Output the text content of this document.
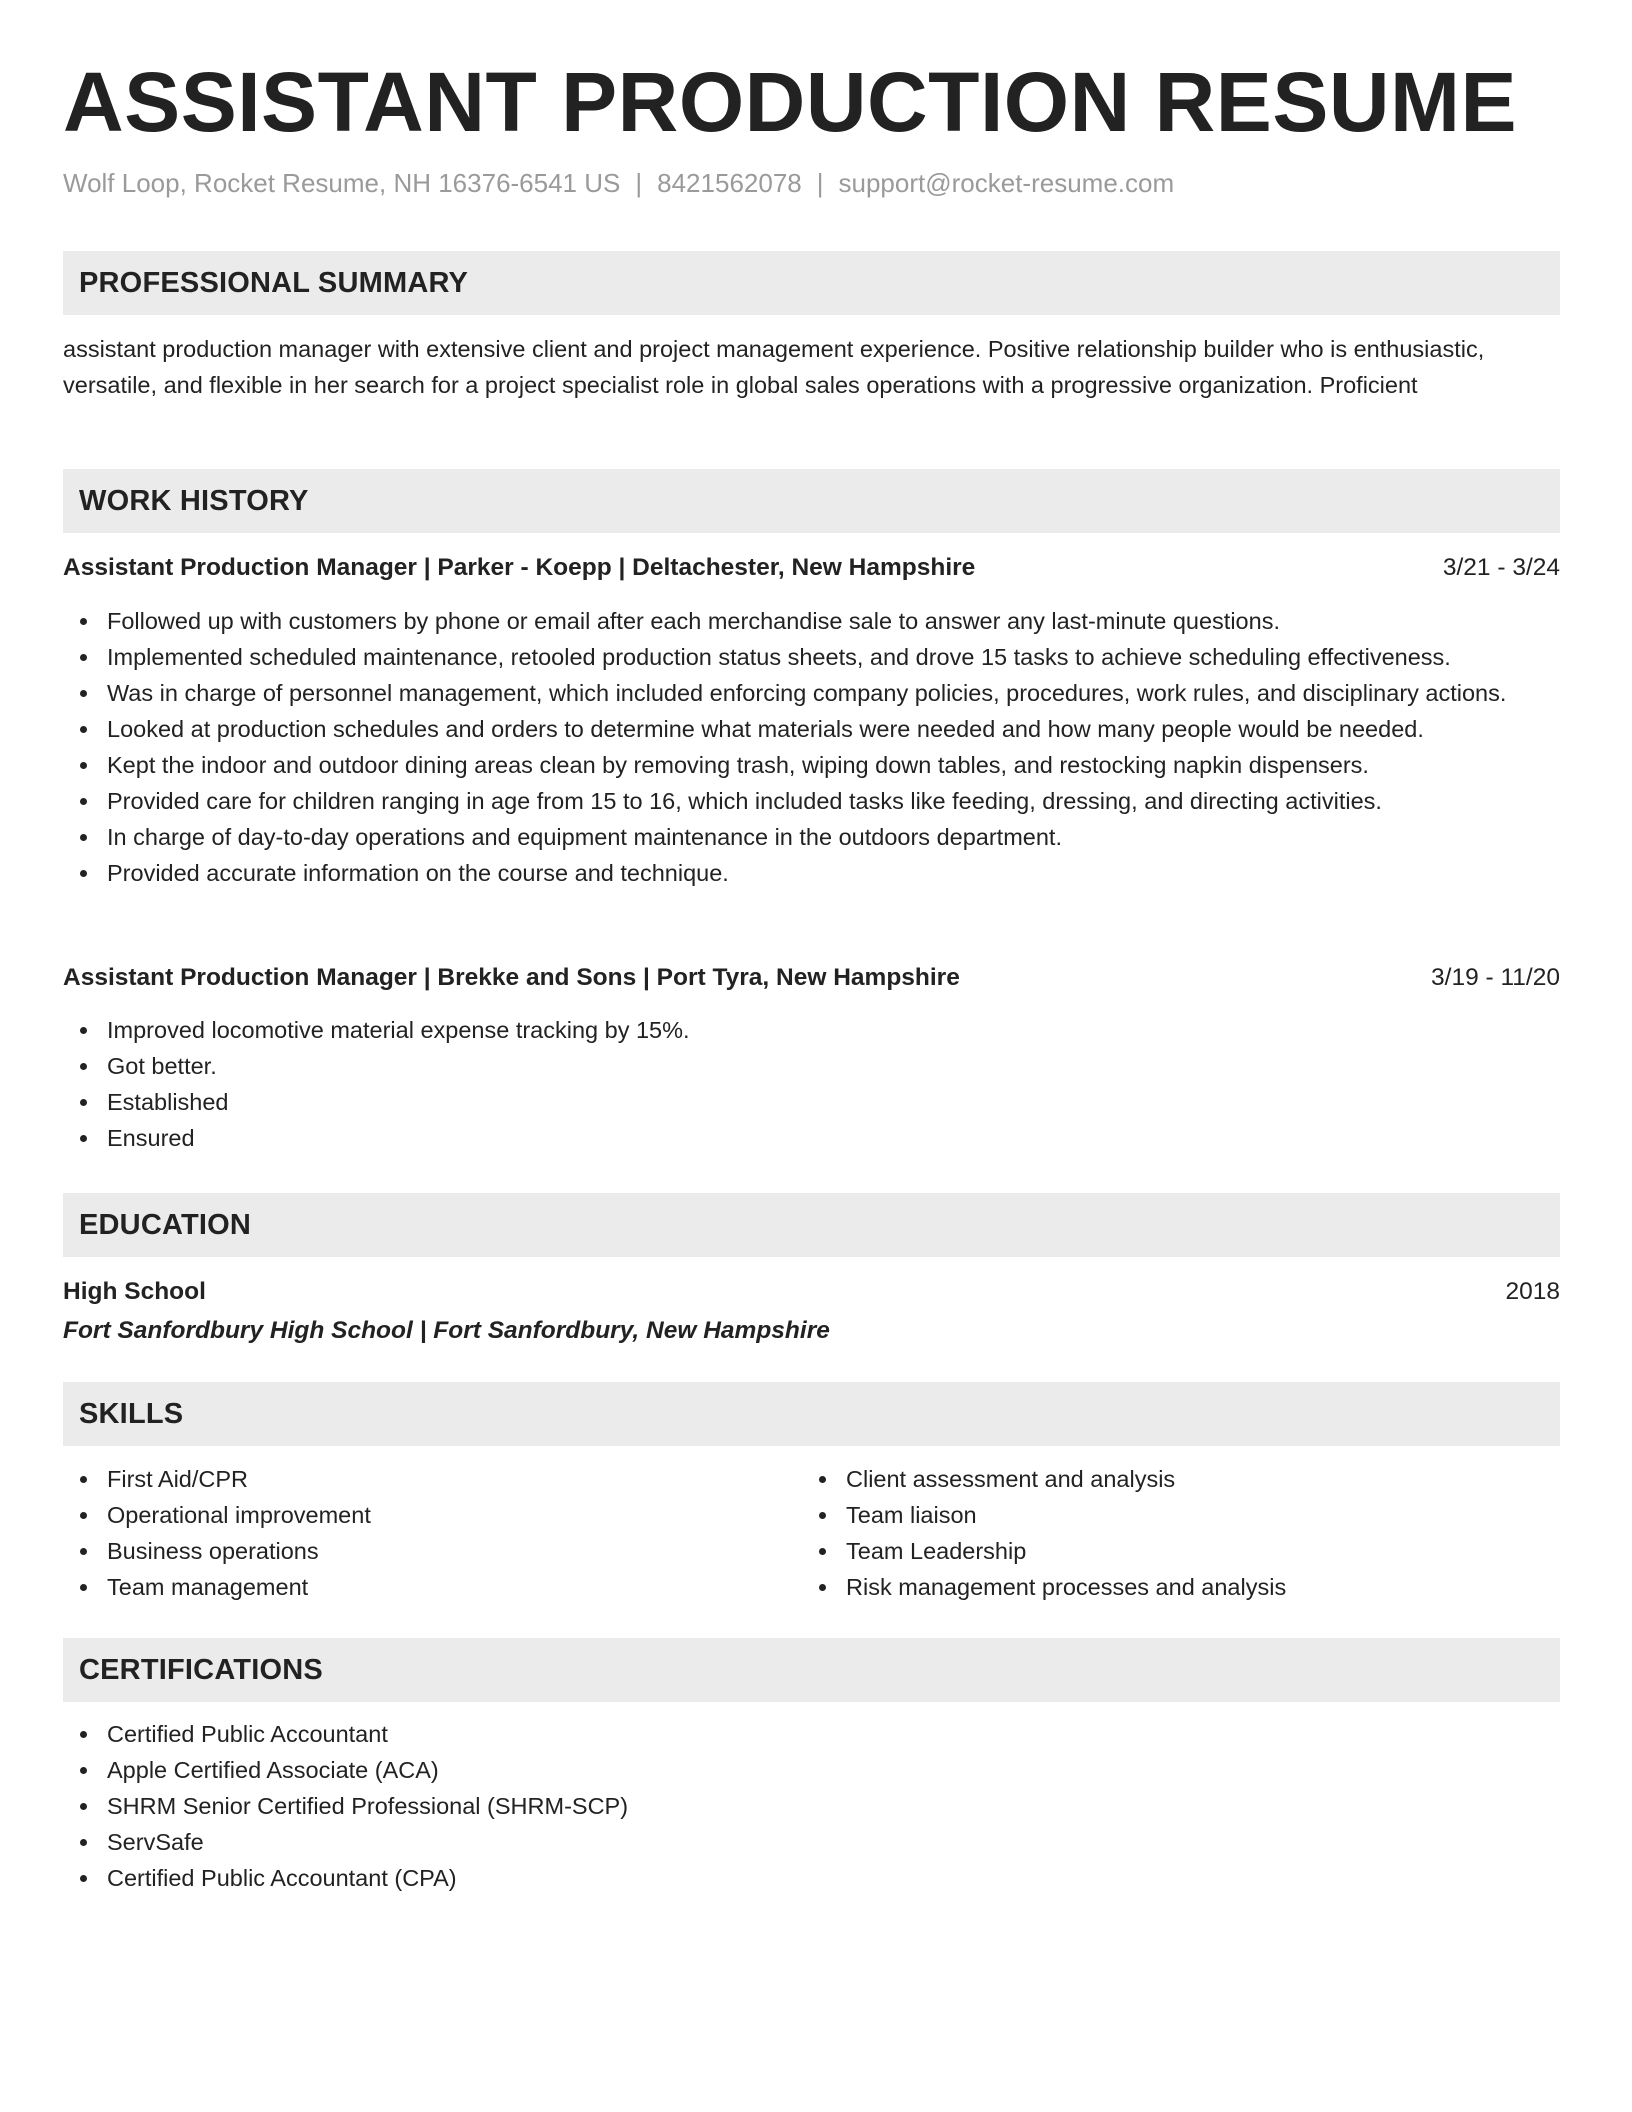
ASSISTANT PRODUCTION RESUME
Wolf Loop, Rocket Resume, NH 16376-6541 US | 8421562078 | support@rocket-resume.com
PROFESSIONAL SUMMARY
assistant production manager with extensive client and project management experience. Positive relationship builder who is enthusiastic, versatile, and flexible in her search for a project specialist role in global sales operations with a progressive organization. Proficient
WORK HISTORY
Assistant Production Manager | Parker - Koepp | Deltachester, New Hampshire	3/21 - 3/24
Followed up with customers by phone or email after each merchandise sale to answer any last-minute questions.
Implemented scheduled maintenance, retooled production status sheets, and drove 15 tasks to achieve scheduling effectiveness.
Was in charge of personnel management, which included enforcing company policies, procedures, work rules, and disciplinary actions.
Looked at production schedules and orders to determine what materials were needed and how many people would be needed.
Kept the indoor and outdoor dining areas clean by removing trash, wiping down tables, and restocking napkin dispensers.
Provided care for children ranging in age from 15 to 16, which included tasks like feeding, dressing, and directing activities.
In charge of day-to-day operations and equipment maintenance in the outdoors department.
Provided accurate information on the course and technique.
Assistant Production Manager | Brekke and Sons | Port Tyra, New Hampshire	3/19 - 11/20
Improved locomotive material expense tracking by 15%.
Got better.
Established
Ensured
EDUCATION
High School	2018
Fort Sanfordbury High School | Fort Sanfordbury, New Hampshire
SKILLS
First Aid/CPR
Operational improvement
Business operations
Team management
Client assessment and analysis
Team liaison
Team Leadership
Risk management processes and analysis
CERTIFICATIONS
Certified Public Accountant
Apple Certified Associate (ACA)
SHRM Senior Certified Professional (SHRM-SCP)
ServSafe
Certified Public Accountant (CPA)
